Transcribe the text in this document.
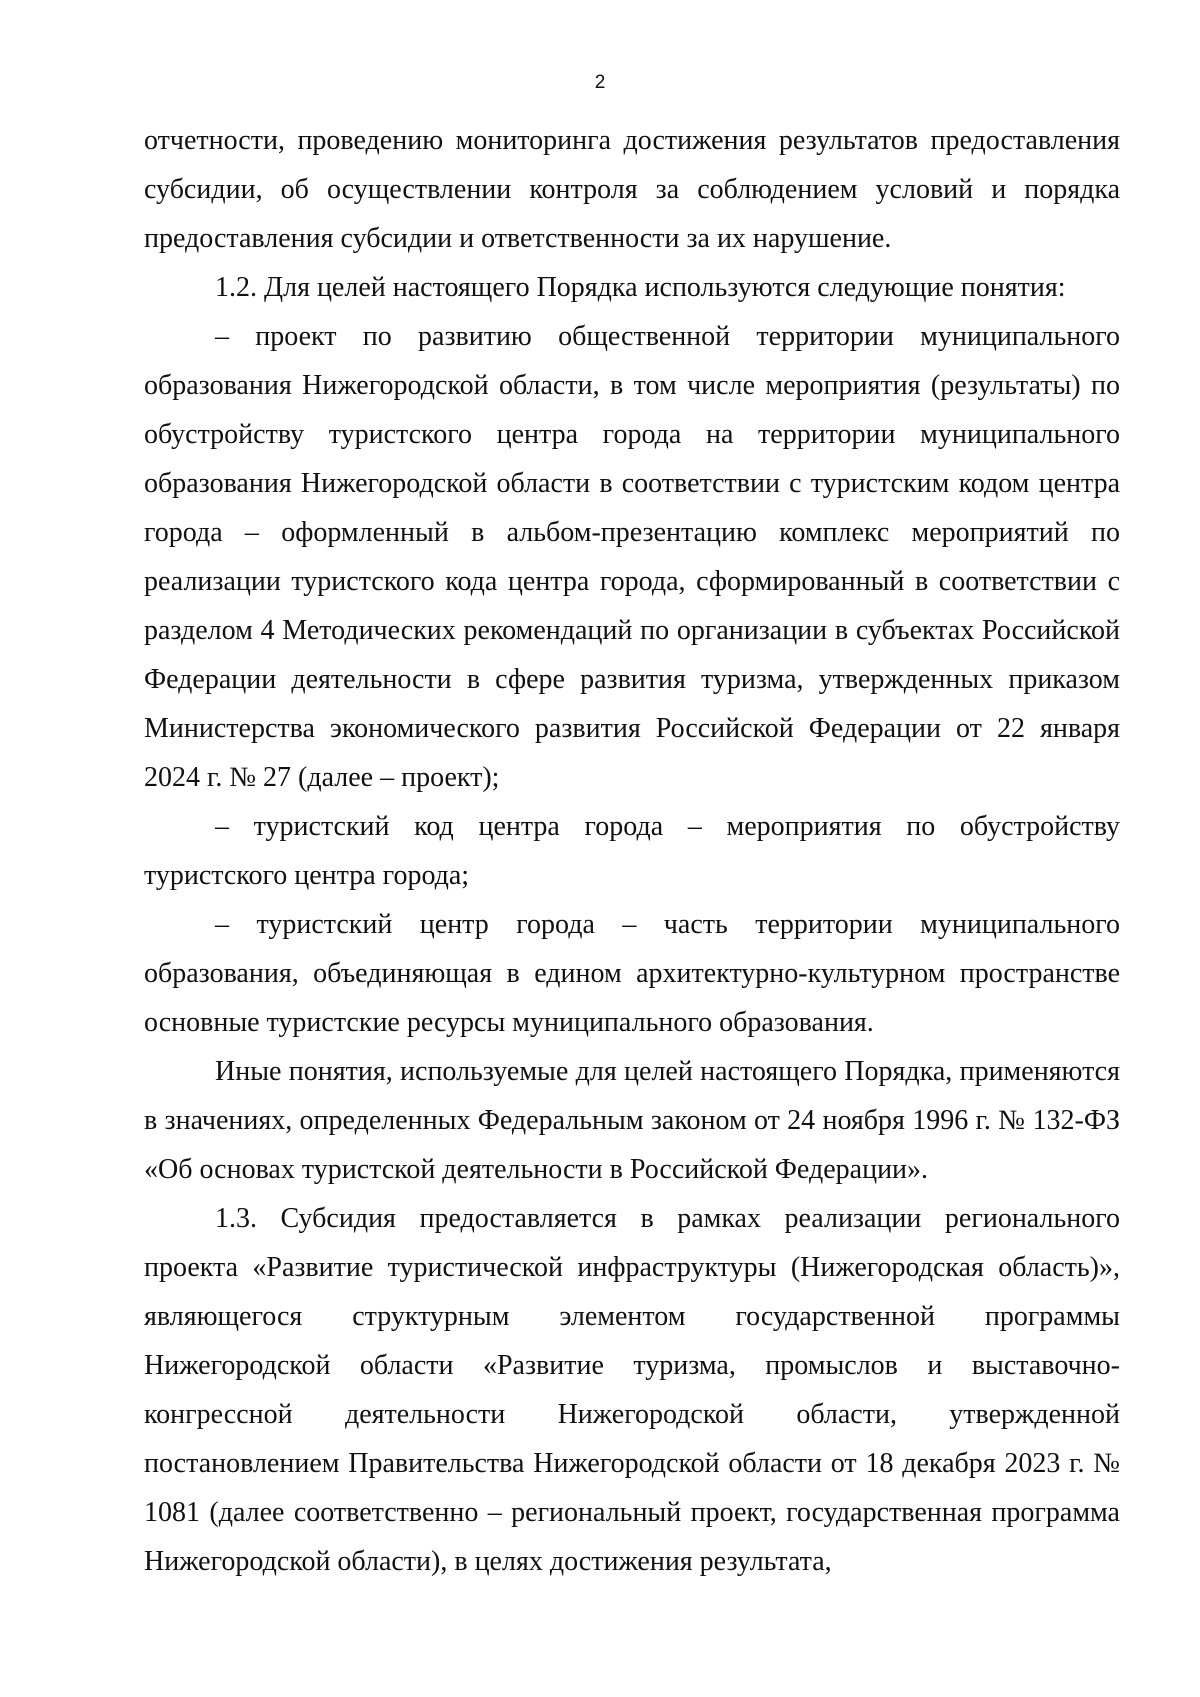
2

отчетности, проведению мониторинга достижения результатов предоставления субсидии, об осуществлении контроля за соблюдением условий и порядка предоставления субсидии и ответственности за их нарушение.

1.2. Для целей настоящего Порядка используются следующие понятия:

– проект по развитию общественной территории муниципального образования Нижегородской области, в том числе мероприятия (результаты) по обустройству туристского центра города на территории муниципального образования Нижегородской области в соответствии с туристским кодом центра города – оформленный в альбом-презентацию комплекс мероприятий по реализации туристского кода центра города, сформированный в соответствии с разделом 4 Методических рекомендаций по организации в субъектах Российской Федерации деятельности в сфере развития туризма, утвержденных приказом Министерства экономического развития Российской Федерации от 22 января 2024 г. № 27 (далее – проект);

– туристский код центра города – мероприятия по обустройству туристского центра города;

– туристский центр города – часть территории муниципального образования, объединяющая в едином архитектурно-культурном пространстве основные туристские ресурсы муниципального образования.

Иные понятия, используемые для целей настоящего Порядка, применяются в значениях, определенных Федеральным законом от 24 ноября 1996 г. № 132-ФЗ «Об основах туристской деятельности в Российской Федерации».

1.3. Субсидия предоставляется в рамках реализации регионального проекта «Развитие туристической инфраструктуры (Нижегородская область)», являющегося структурным элементом государственной программы Нижегородской области «Развитие туризма, промыслов и выставочно-конгрессной деятельности Нижегородской области, утвержденной постановлением Правительства Нижегородской области от 18 декабря 2023 г. № 1081 (далее соответственно – региональный проект, государственная программа Нижегородской области), в целях достижения результата,
